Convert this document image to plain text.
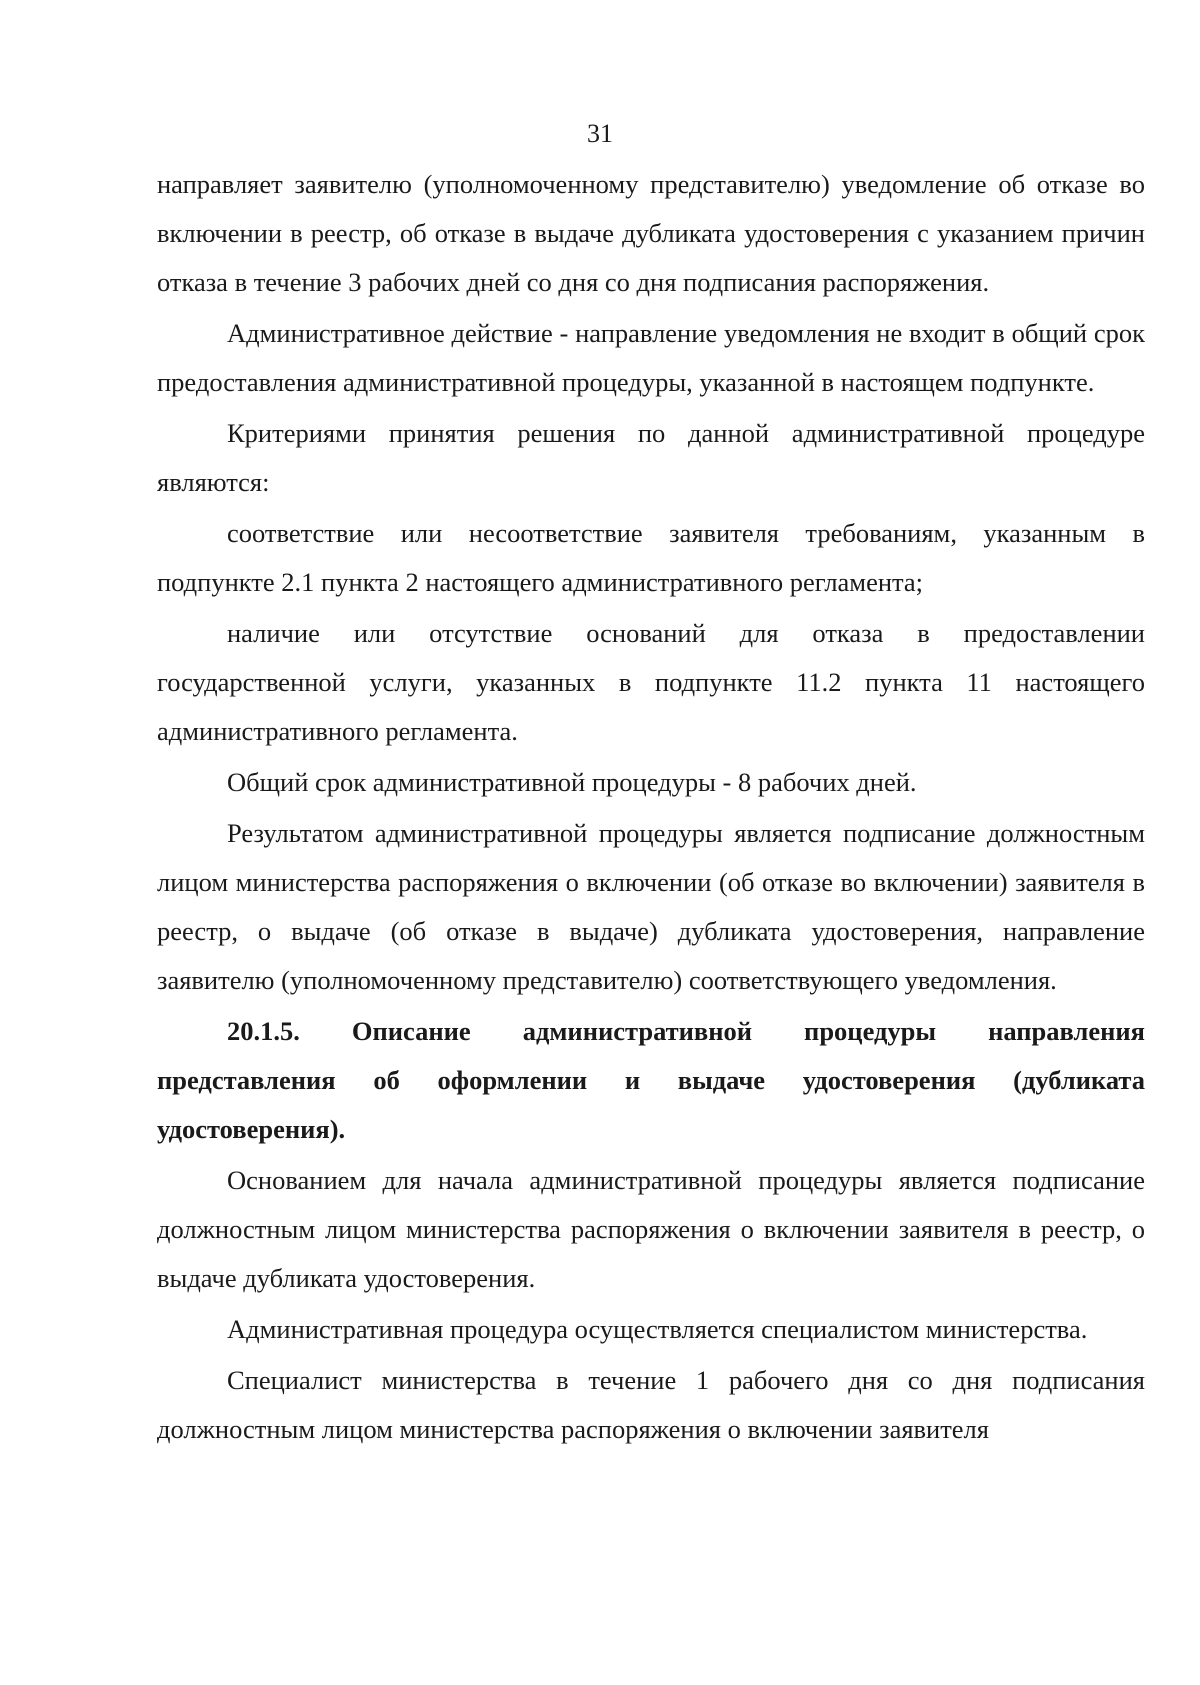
31

направляет заявителю (уполномоченному представителю) уведомление об отказе во включении в реестр, об отказе в выдаче дубликата удостоверения с указанием причин отказа в течение 3 рабочих дней со дня со дня подписания распоряжения.

Административное действие - направление уведомления не входит в общий срок предоставления административной процедуры, указанной в настоящем подпункте.

Критериями принятия решения по данной административной процедуре являются:

соответствие или несоответствие заявителя требованиям, указанным в подпункте 2.1 пункта 2 настоящего административного регламента;

наличие или отсутствие оснований для отказа в предоставлении государственной услуги, указанных в подпункте 11.2 пункта 11 настоящего административного регламента.

Общий срок административной процедуры - 8 рабочих дней.

Результатом административной процедуры является подписание должностным лицом министерства распоряжения о включении (об отказе во включении) заявителя в реестр, о выдаче (об отказе в выдаче) дубликата удостоверения, направление заявителю (уполномоченному представителю) соответствующего уведомления.

20.1.5. Описание административной процедуры направления представления об оформлении и выдаче удостоверения (дубликата удостоверения).

Основанием для начала административной процедуры является подписание должностным лицом министерства распоряжения о включении заявителя в реестр, о выдаче дубликата удостоверения.

Административная процедура осуществляется специалистом министерства.

Специалист министерства в течение 1 рабочего дня со дня подписания должностным лицом министерства распоряжения о включении заявителя
